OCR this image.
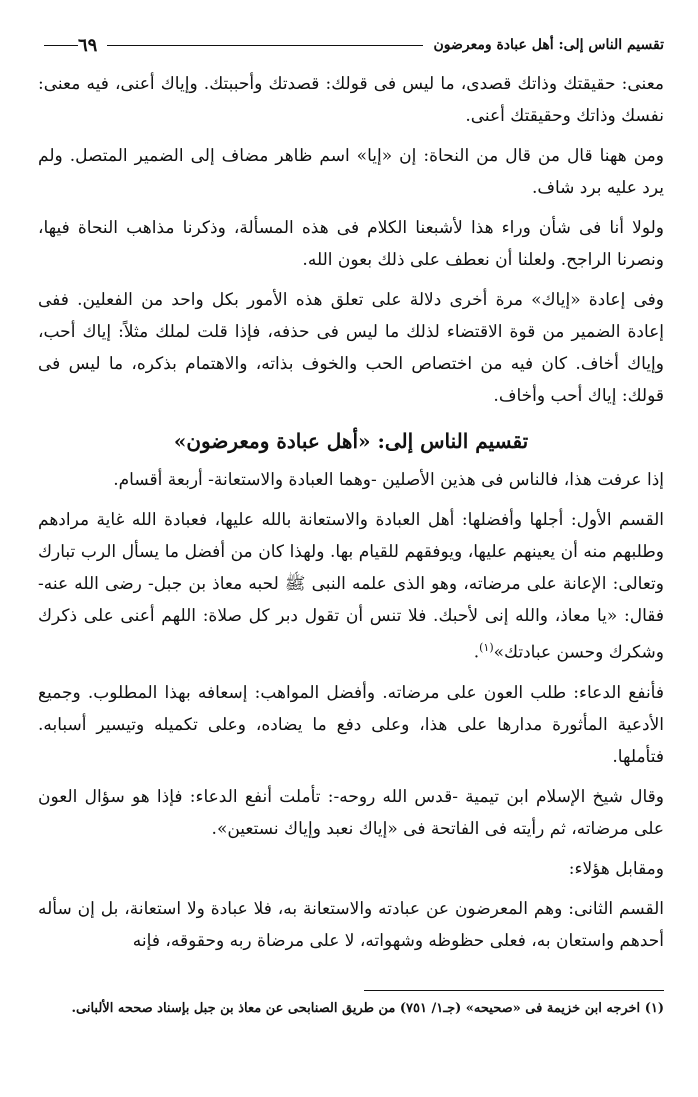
تقسيم الناس إلى: أهل عبادة ومعرضون
٦٩

معنى: حقيقتك وذاتك قصدى، ما ليس فى قولك: قصدتك وأحببتك. وإياك أعنى، فيه معنى: نفسك وذاتك وحقيقتك أعنى.

ومن ههنا قال من قال من النحاة: إن «إيا» اسم ظاهر مضاف إلى الضمير المتصل. ولم يرد عليه برد شاف.

ولولا أنا فى شأن وراء هذا لأشبعنا الكلام فى هذه المسألة، وذكرنا مذاهب النحاة فيها، ونصرنا الراجح. ولعلنا أن نعطف على ذلك بعون الله.

وفى إعادة «إياك» مرة أخرى دلالة على تعلق هذه الأمور بكل واحد من الفعلين. ففى إعادة الضمير من قوة الاقتضاء لذلك ما ليس فى حذفه، فإذا قلت لملك مثلاً: إياك أحب، وإياك أخاف. كان فيه من اختصاص الحب والخوف بذاته، والاهتمام بذكره، ما ليس فى قولك: إياك أحب وأخاف.

تقسيم الناس إلى: «أهل عبادة ومعرضون»

إذا عرفت هذا، فالناس فى هذين الأصلين -وهما العبادة والاستعانة- أربعة أقسام.

القسم الأول: أجلها وأفضلها: أهل العبادة والاستعانة بالله عليها، فعبادة الله غاية مرادهم وطلبهم منه أن يعينهم عليها، ويوفقهم للقيام بها. ولهذا كان من أفضل ما يسأل الرب تبارك وتعالى: الإعانة على مرضاته، وهو الذى علمه النبى ﷺ لحبه معاذ بن جبل- رضى الله عنه- فقال: «يا معاذ، والله إنى لأحبك. فلا تنس أن تقول دبر كل صلاة: اللهم أعنى على ذكرك وشكرك وحسن عبادتك»$^{(١)}$.

فأنفع الدعاء: طلب العون على مرضاته. وأفضل المواهب: إسعافه بهذا المطلوب. وجميع الأدعية المأثورة مدارها على هذا، وعلى دفع ما يضاده، وعلى تكميله وتيسير أسبابه. فتأملها.

وقال شيخ الإسلام ابن تيمية -قدس الله روحه-: تأملت أنفع الدعاء: فإذا هو سؤال العون على مرضاته، ثم رأيته فى الفاتحة فى «إياك نعبد وإياك نستعين».

ومقابل هؤلاء:

القسم الثانى: وهم المعرضون عن عبادته والاستعانة به، فلا عبادة ولا استعانة، بل إن سأله أحدهم واستعان به، فعلى حظوظه وشهواته، لا على مرضاة ربه وحقوقه، فإنه

(١) اخرجه ابن خزيمة فى «صحيحه» (جـ١/ ٧٥١) من طريق الصنابحى عن معاذ بن جبل بإسناد صححه الألبانى.
